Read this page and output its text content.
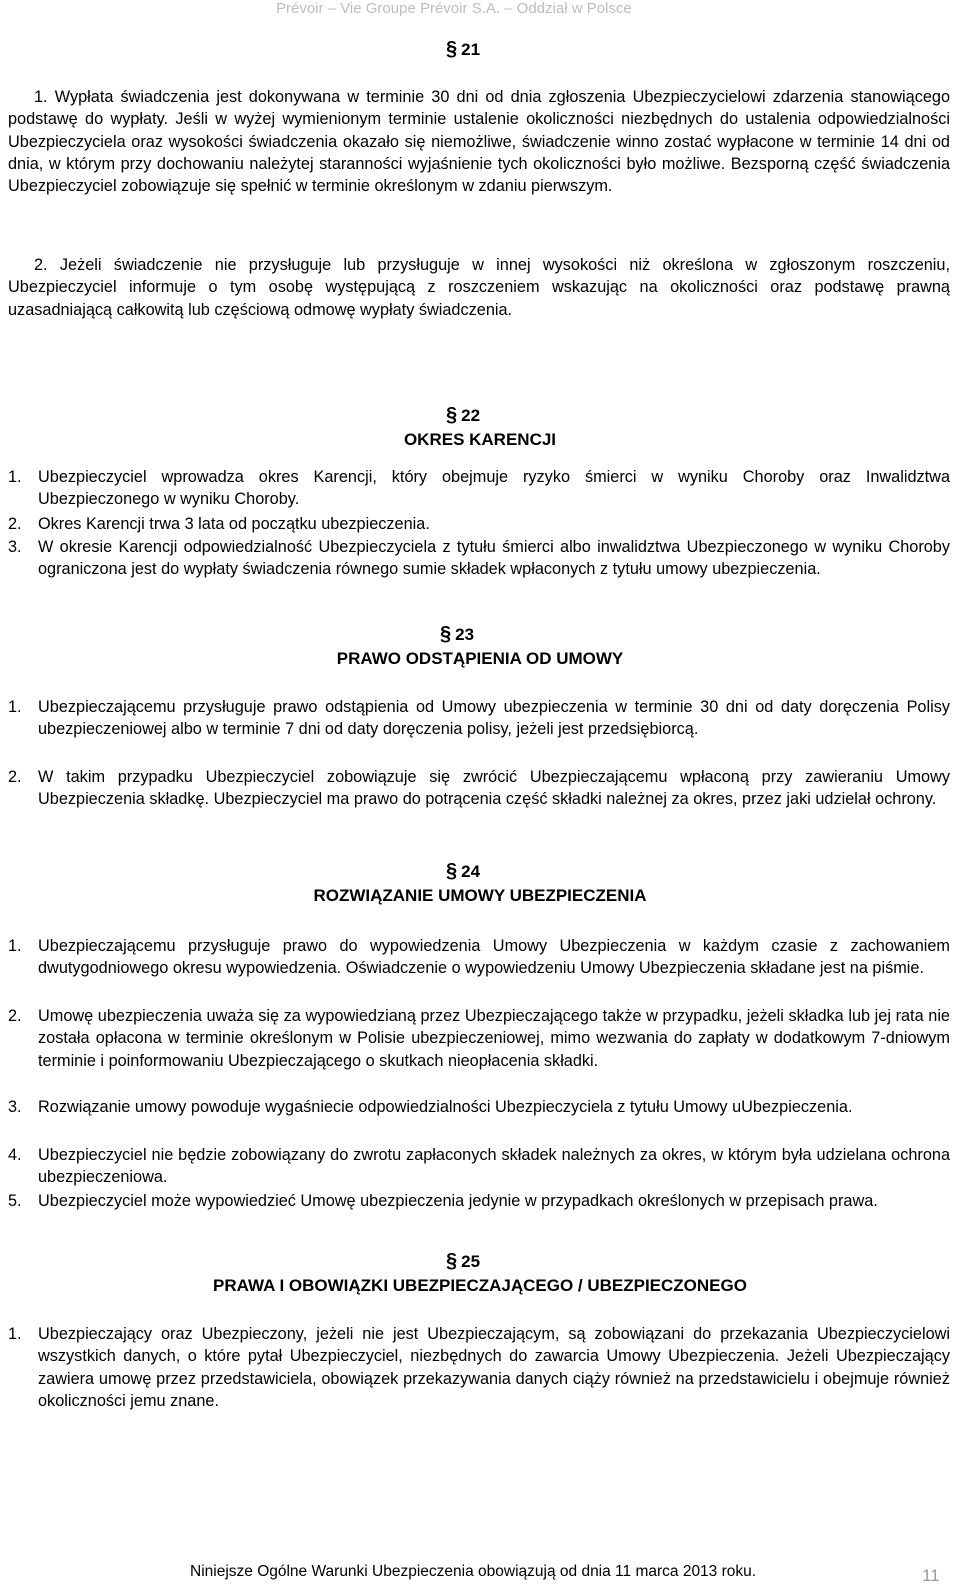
Prévoir – Vie Groupe Prévoir S.A. – Oddział w Polsce
§ 21
1. Wypłata świadczenia jest dokonywana w terminie 30 dni od dnia zgłoszenia Ubezpieczycielowi zdarzenia stanowiącego podstawę do wypłaty. Jeśli w wyżej wymienionym terminie ustalenie okoliczności niezbędnych do ustalenia odpowiedzialności Ubezpieczyciela oraz wysokości świadczenia okazało się niemożliwe, świadczenie winno zostać wypłacone w terminie 14 dni od dnia, w którym przy dochowaniu należytej staranności wyjaśnienie tych okoliczności było możliwe. Bezsporną część świadczenia Ubezpieczyciel zobowiązuje się spełnić w terminie określonym w zdaniu pierwszym.
2. Jeżeli świadczenie nie przysługuje lub przysługuje w innej wysokości niż określona w zgłoszonym roszczeniu, Ubezpieczyciel informuje o tym osobę występującą z roszczeniem wskazując na okoliczności oraz podstawę prawną uzasadniającą całkowitą lub częściową odmowę wypłaty świadczenia.
§ 22
OKRES KARENCJI
1. Ubezpieczyciel wprowadza okres Karencji, który obejmuje ryzyko śmierci w wyniku Choroby oraz Inwalidztwa Ubezpieczonego w wyniku Choroby.
2. Okres Karencji trwa 3 lata od początku ubezpieczenia.
3. W okresie Karencji odpowiedzialność Ubezpieczyciela z tytułu śmierci albo inwalidztwa Ubezpieczonego w wyniku Choroby ograniczona jest do wypłaty świadczenia równego sumie składek wpłaconych z tytułu umowy ubezpieczenia.
§ 23
PRAWO ODSTĄPIENIA OD UMOWY
1. Ubezpieczającemu przysługuje prawo odstąpienia od Umowy ubezpieczenia w terminie 30 dni od daty doręczenia Polisy ubezpieczeniowej albo w terminie 7 dni od daty doręczenia polisy, jeżeli jest przedsiębiorcą.
2. W takim przypadku Ubezpieczyciel zobowiązuje się zwrócić Ubezpieczającemu wpłaconą przy zawieraniu Umowy Ubezpieczenia składkę. Ubezpieczyciel ma prawo do potrącenia część składki należnej za okres, przez jaki udzielał ochrony.
§ 24
ROZWIĄZANIE UMOWY UBEZPIECZENIA
1. Ubezpieczającemu przysługuje prawo do wypowiedzenia Umowy Ubezpieczenia w każdym czasie z zachowaniem dwutygodniowego okresu wypowiedzenia. Oświadczenie o wypowiedzeniu Umowy Ubezpieczenia składane jest na piśmie.
2. Umowę ubezpieczenia uważa się za wypowiedzianą przez Ubezpieczającego także w przypadku, jeżeli składka lub jej rata nie została opłacona w terminie określonym w Polisie ubezpieczeniowej, mimo wezwania do zapłaty w dodatkowym 7-dniowym terminie i poinformowaniu Ubezpieczającego o skutkach nieopłacenia składki.
3. Rozwiązanie umowy powoduje wygaśniecie odpowiedzialności Ubezpieczyciela z tytułu Umowy uUbezpieczenia.
4. Ubezpieczyciel nie będzie zobowiązany do zwrotu zapłaconych składek należnych za okres, w którym była udzielana ochrona ubezpieczeniowa.
5. Ubezpieczyciel może wypowiedzieć Umowę ubezpieczenia jedynie w przypadkach określonych w przepisach prawa.
§ 25
PRAWA I OBOWIĄZKI UBEZPIECZAJĄCEGO / UBEZPIECZONEGO
1. Ubezpieczający oraz Ubezpieczony, jeżeli nie jest Ubezpieczającym, są zobowiązani do przekazania Ubezpieczycielowi wszystkich danych, o które pytał Ubezpieczyciel, niezbędnych do zawarcia Umowy Ubezpieczenia. Jeżeli Ubezpieczający zawiera umowę przez przedstawiciela, obowiązek przekazywania danych ciąży również na przedstawicielu i obejmuje również okoliczności jemu znane.
Niniejsze Ogólne Warunki Ubezpieczenia obowiązują od dnia 11 marca 2013 roku.	11
